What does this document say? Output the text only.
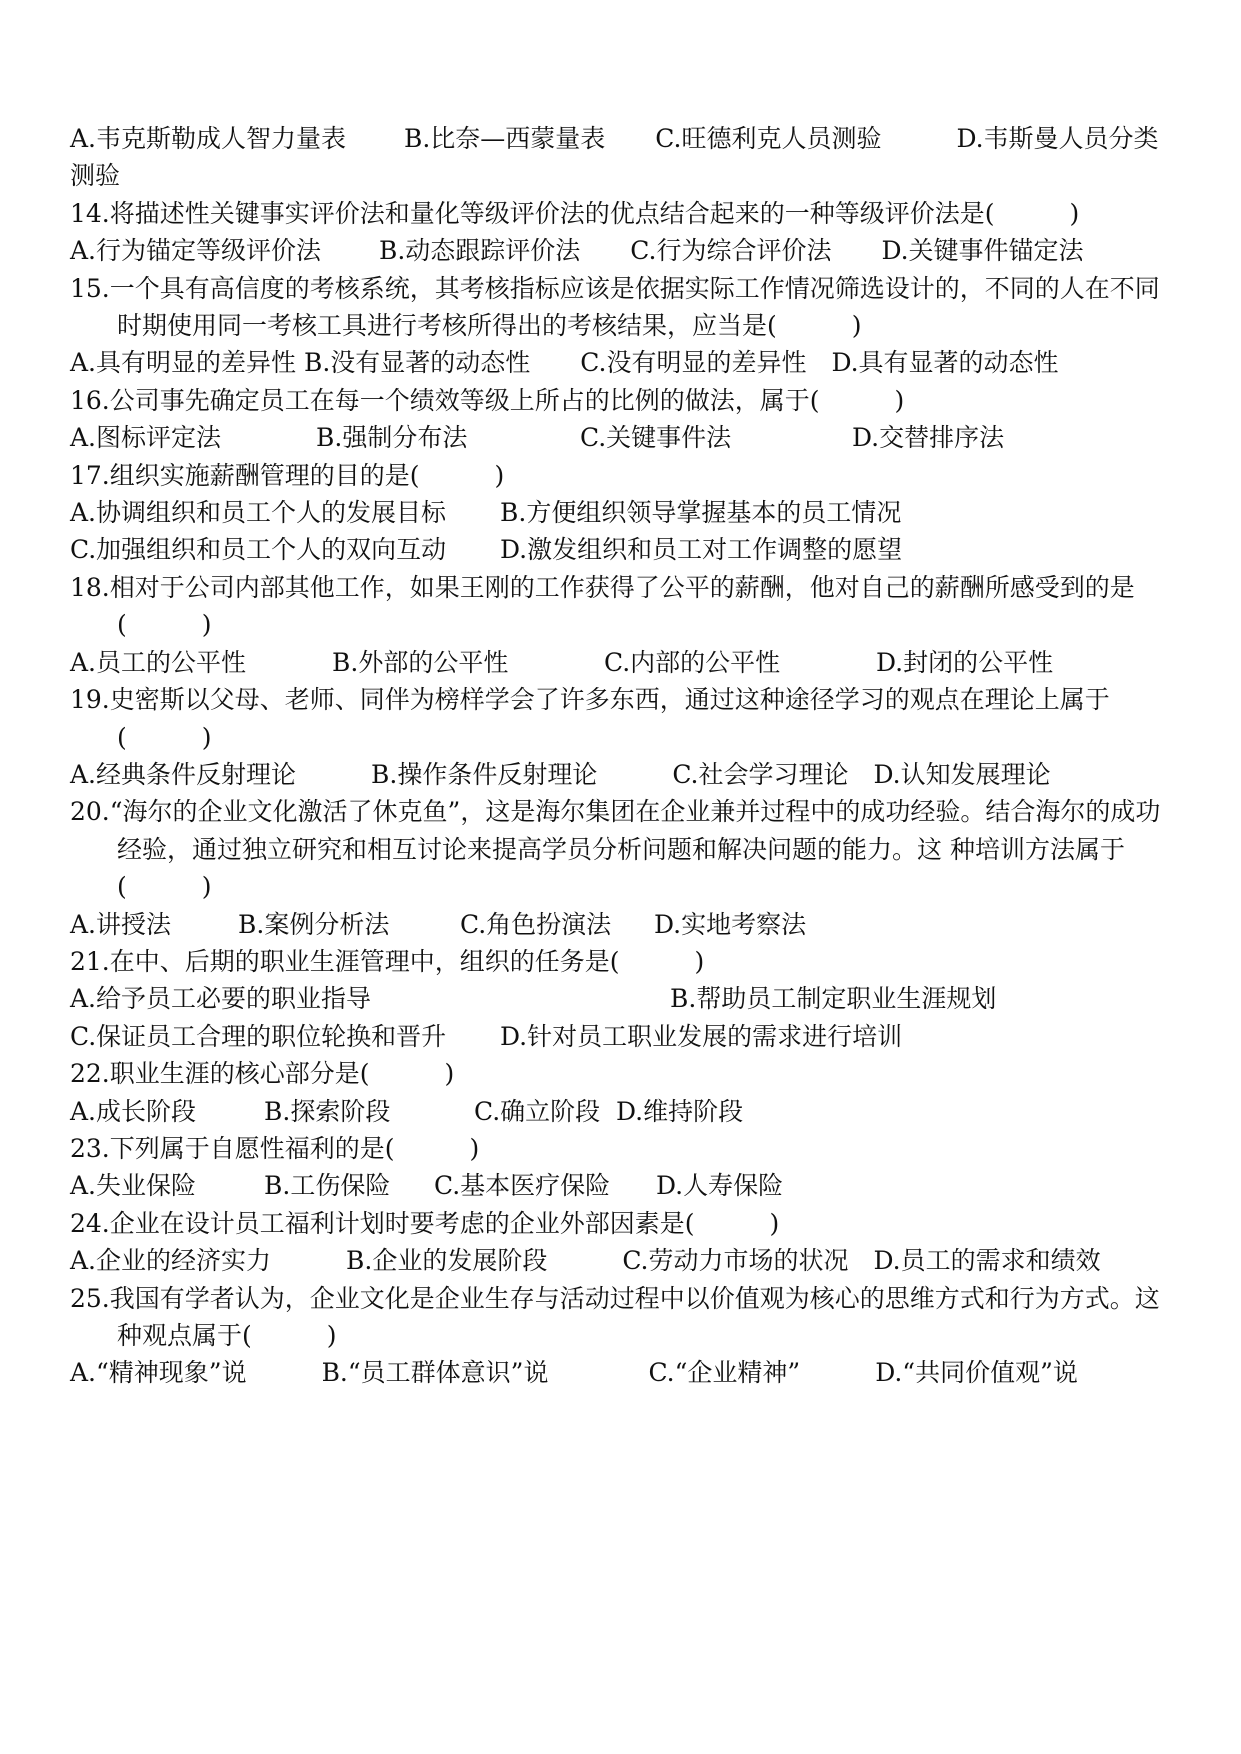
A.韦克斯勒成人智力量表　　 B.比奈—西蒙量表　　C.旺德利克人员测验　　　D.韦斯曼人员分类测验
14.将描述性关键事实评价法和量化等级评价法的优点结合起来的一种等级评价法是(　　　)
A.行为锚定等级评价法　　 B.动态跟踪评价法　　C.行为综合评价法　　D.关键事件锚定法
15.一个具有高信度的考核系统，其考核指标应该是依据实际工作情况筛选设计的，不同的人在不同时期使用同一考核工具进行考核所得出的考核结果，应当是(　　　)
A.具有明显的差异性 B.没有显著的动态性　　C.没有明显的差异性　D.具有显著的动态性
16.公司事先确定员工在每一个绩效等级上所占的比例的做法，属于(　　　)
A.图标评定法	B.强制分布法	C.关键事件法	D.交替排序法
17.组织实施薪酬管理的目的是(　　　)
A.协调组织和员工个人的发展目标	B.方便组织领导掌握基本的员工情况
C.加强组织和员工个人的双向互动	D.激发组织和员工对工作调整的愿望
18.相对于公司内部其他工作，如果王刚的工作获得了公平的薪酬，他对自己的薪酬所感受到的是(　　　)
A.员工的公平性	B.外部的公平性	C.内部的公平性	D.封闭的公平性
19.史密斯以父母、老师、同伴为榜样学会了许多东西，通过这种途径学习的观点在理论上属于(　　　)
A.经典条件反射理论　　　B.操作条件反射理论　　　C.社会学习理论　D.认知发展理论
20.“海尔的企业文化激活了休克鱼”，这是海尔集团在企业兼并过程中的成功经验。结合海尔的成功经验，通过独立研究和相互讨论来提高学员分析问题和解决问题的能力。这 种培训方法属于(　　　)
A.讲授法	B.案例分析法	C.角色扮演法	D.实地考察法
21.在中、后期的职业生涯管理中，组织的任务是(　　　)
A.给予员工必要的职业指导	B.帮助员工制定职业生涯规划
C.保证员工合理的职位轮换和晋升	D.针对员工职业发展的需求进行培训
22.职业生涯的核心部分是(　　　)
A.成长阶段	B.探索阶段	C.确立阶段 D.维持阶段
23.下列属于自愿性福利的是(　　　)
A.失业保险	B.工伤保险	C.基本医疗保险	D.人寿保险
24.企业在设计员工福利计划时要考虑的企业外部因素是(　　　)
A.企业的经济实力　　　B.企业的发展阶段　　　C.劳动力市场的状况　D.员工的需求和绩效
25.我国有学者认为，企业文化是企业生存与活动过程中以价值观为核心的思维方式和行为方式。这种观点属于(　　　)
A.“精神现象”说　　　B.“员工群体意识”说　　　　C.“企业精神”　　　D.“共同价值观”说
